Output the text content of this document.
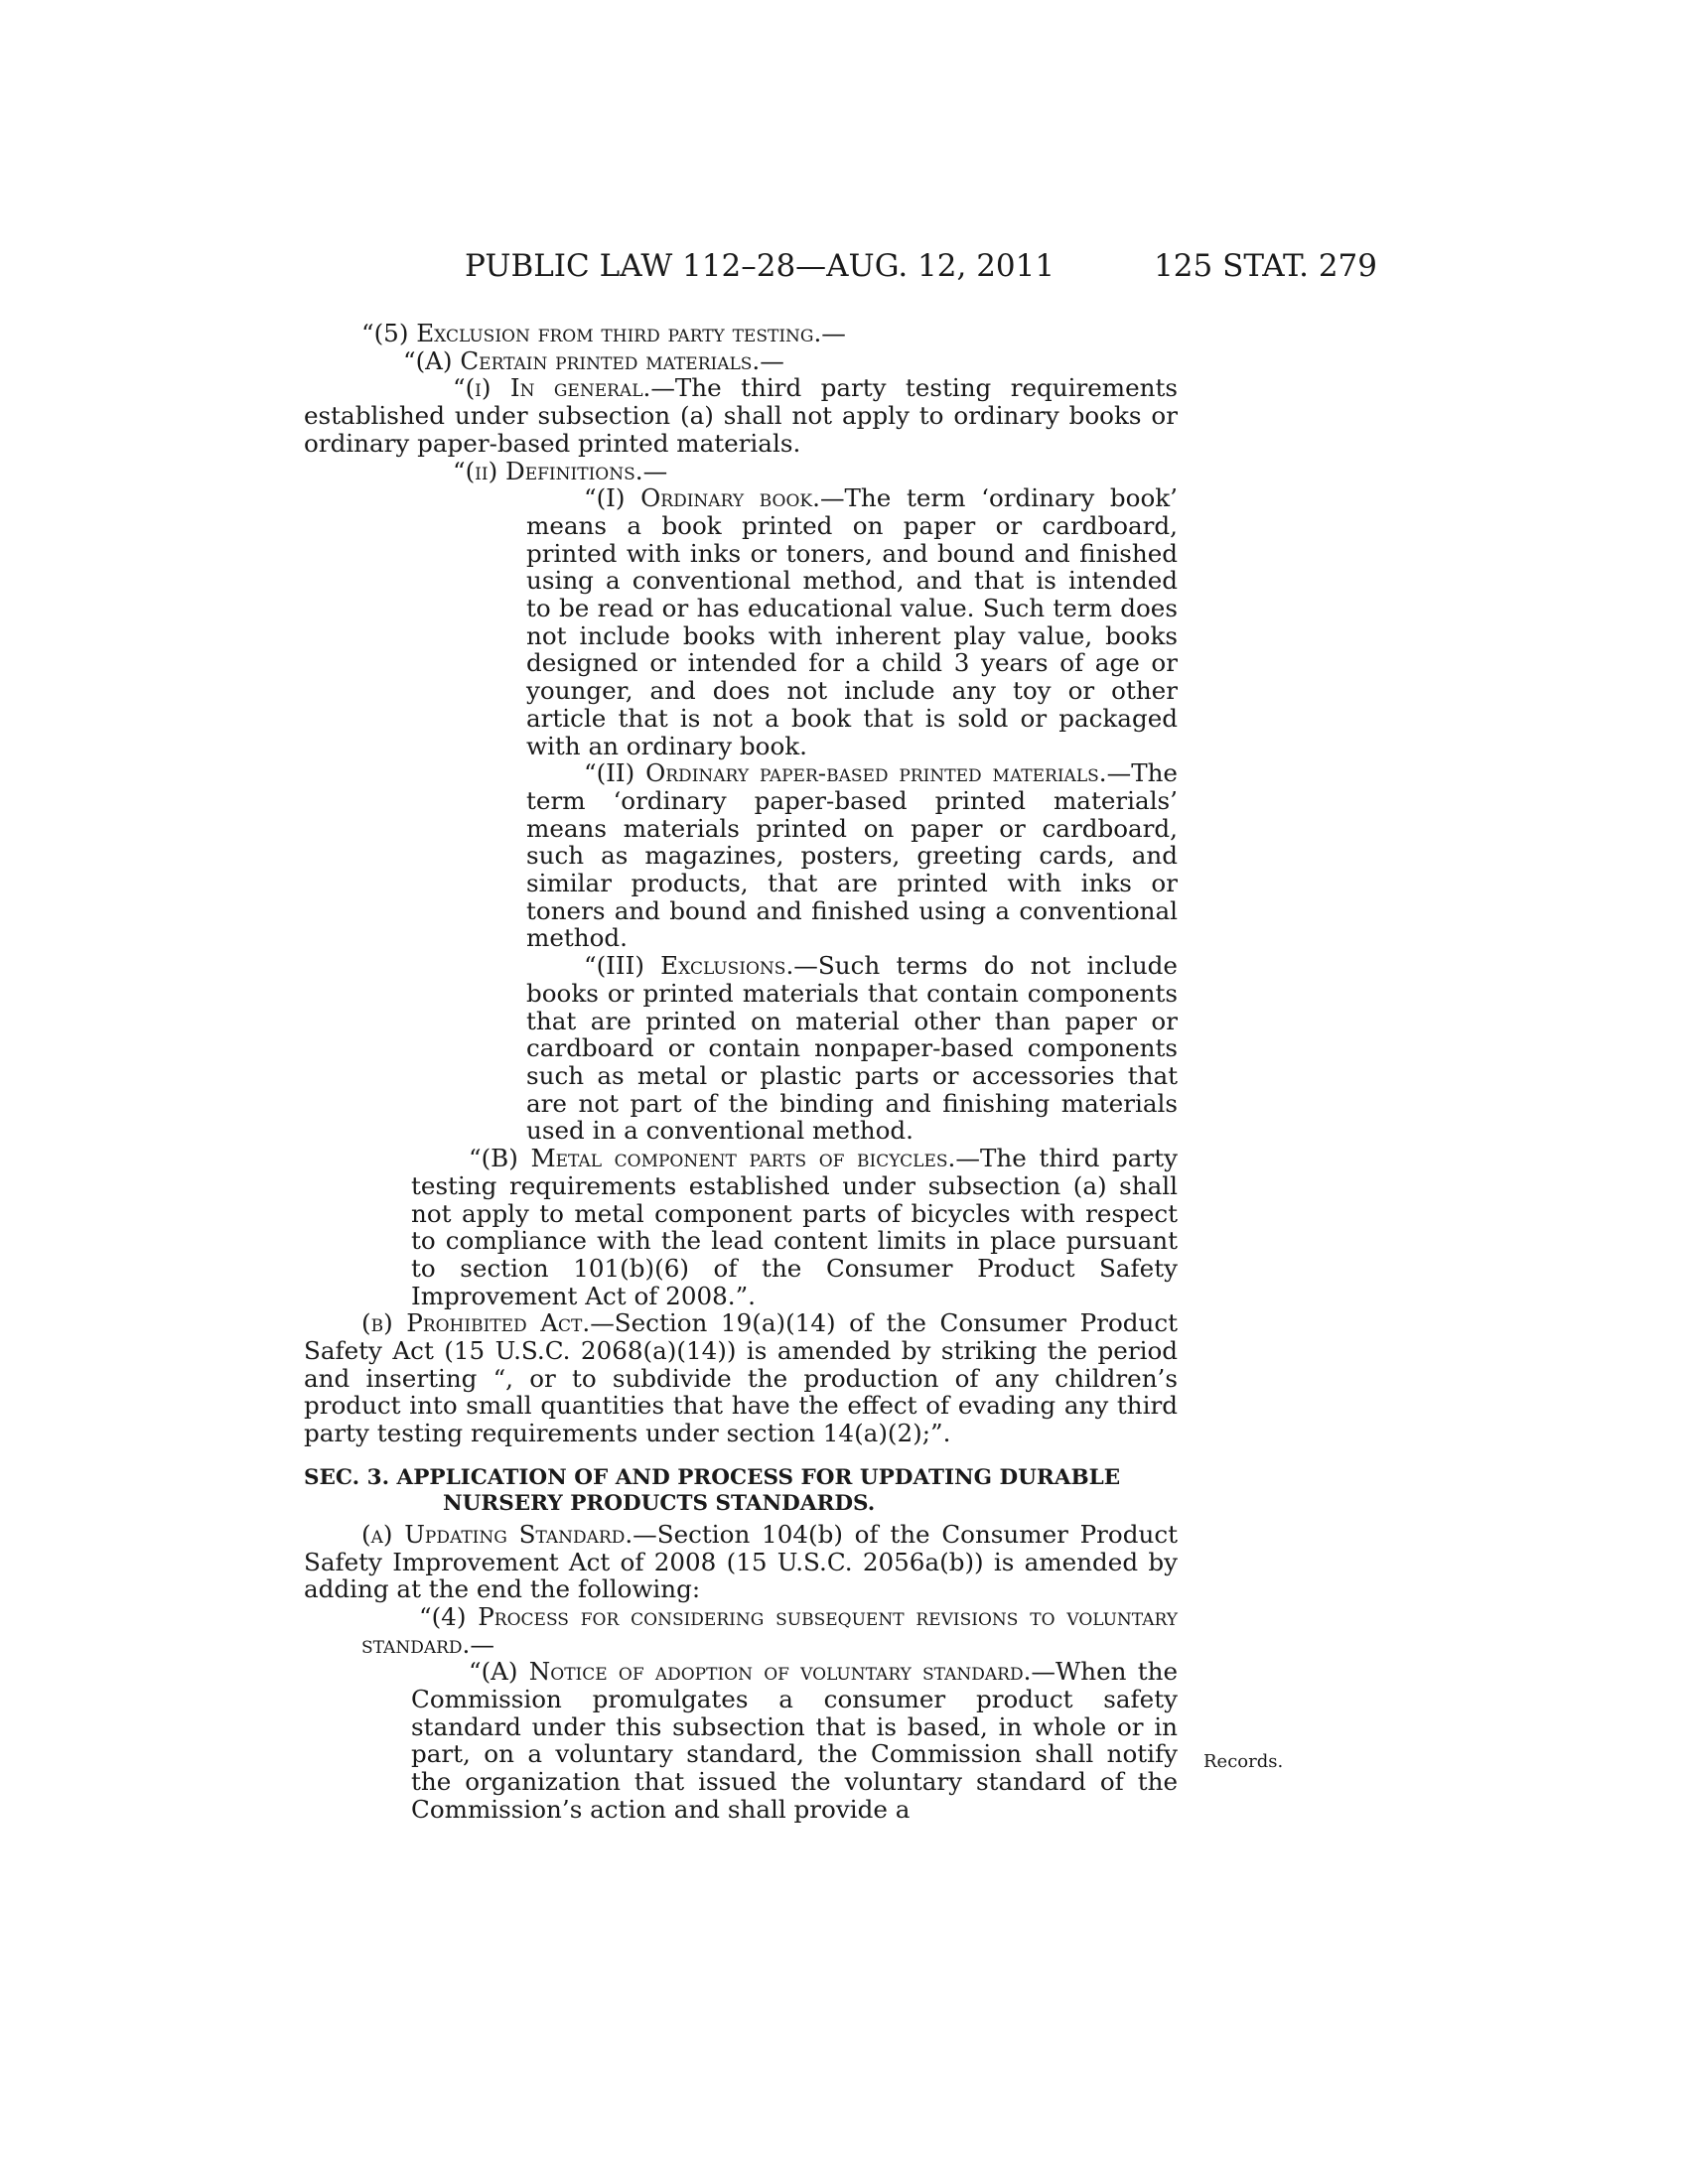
PUBLIC LAW 112–28—AUG. 12, 2011	125 STAT. 279

“(5) Exclusion from third party testing.—

“(A) Certain printed materials.—

“(i) In general.—The third party testing requirements established under subsection (a) shall not apply to ordinary books or ordinary paper-based printed materials.

“(ii) Definitions.—

“(I) Ordinary book.—The term ‘ordinary book’ means a book printed on paper or cardboard, printed with inks or toners, and bound and finished using a conventional method, and that is intended to be read or has educational value. Such term does not include books with inherent play value, books designed or intended for a child 3 years of age or younger, and does not include any toy or other article that is not a book that is sold or packaged with an ordinary book.

“(II) Ordinary paper-based printed materials.—The term ‘ordinary paper-based printed materials’ means materials printed on paper or cardboard, such as magazines, posters, greeting cards, and similar products, that are printed with inks or toners and bound and finished using a conventional method.

“(III) Exclusions.—Such terms do not include books or printed materials that contain components that are printed on material other than paper or cardboard or contain nonpaper-based components such as metal or plastic parts or accessories that are not part of the binding and finishing materials used in a conventional method.

“(B) Metal component parts of bicycles.—The third party testing requirements established under subsection (a) shall not apply to metal component parts of bicycles with respect to compliance with the lead content limits in place pursuant to section 101(b)(6) of the Consumer Product Safety Improvement Act of 2008.”.

(b) Prohibited Act.—Section 19(a)(14) of the Consumer Product Safety Act (15 U.S.C. 2068(a)(14)) is amended by striking the period and inserting “, or to subdivide the production of any children’s product into small quantities that have the effect of evading any third party testing requirements under section 14(a)(2);”.

SEC. 3. APPLICATION OF AND PROCESS FOR UPDATING DURABLE NURSERY PRODUCTS STANDARDS.

(a) Updating Standard.—Section 104(b) of the Consumer Product Safety Improvement Act of 2008 (15 U.S.C. 2056a(b)) is amended by adding at the end the following:

“(4) Process for considering subsequent revisions to voluntary standard.—

“(A) Notice of adoption of voluntary standard.—When the Commission promulgates a consumer product safety standard under this subsection that is based, in whole or in part, on a voluntary standard, the Commission shall notify the organization that issued the voluntary standard of the Commission’s action and shall provide a

Records.
